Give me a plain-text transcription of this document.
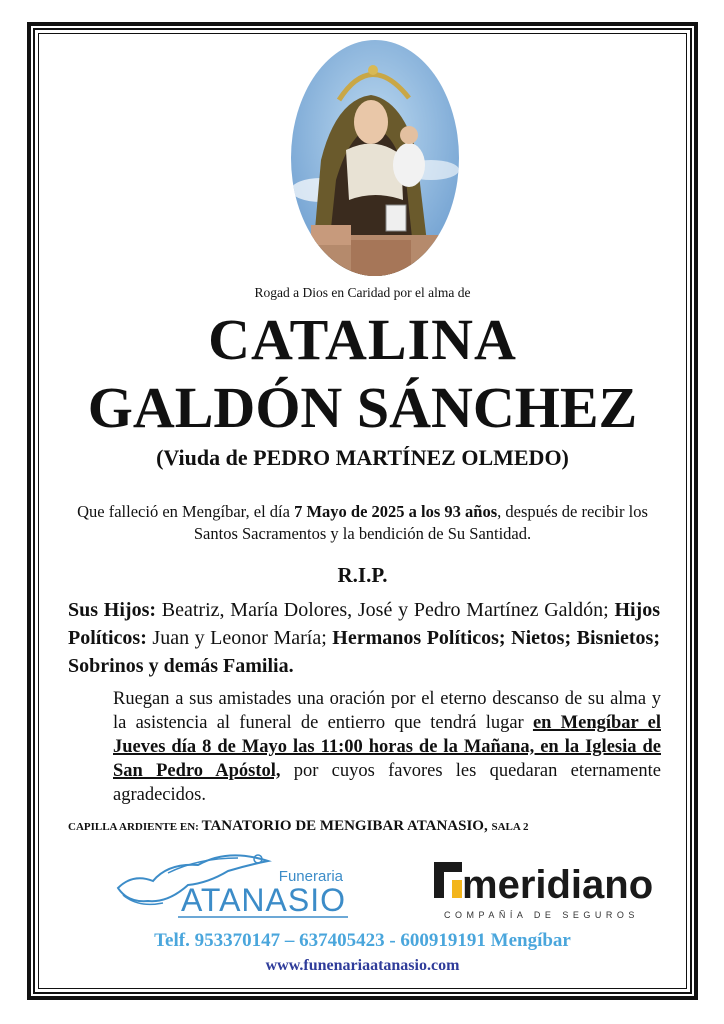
Rogad a Dios en Caridad por el alma de
CATALINA
GALDÓN SÁNCHEZ
(Viuda de PEDRO MARTÍNEZ OLMEDO)
Que falleció en Mengíbar, el día 7 Mayo de 2025 a los 93 años, después de recibir los Santos Sacramentos y la bendición de Su Santidad.
R.I.P.
Sus Hijos: Beatriz, María Dolores, José y Pedro Martínez Galdón; Hijos Políticos: Juan y Leonor María; Hermanos Políticos; Nietos; Bisnietos; Sobrinos y demás Familia.
Ruegan a sus amistades una oración por el eterno descanso de su alma y la asistencia al funeral de entierro que tendrá lugar en Mengíbar el Jueves día 8 de Mayo las 11:00 horas de la Mañana, en la Iglesia de San Pedro Apóstol, por cuyos favores les quedaran eternamente agradecidos.
CAPILLA ARDIENTE EN: TANATORIO DE MENGIBAR ATANASIO, SALA 2
Funeraria
ATANASIO	meridiano
COMPAÑÍA DE SEGUROS
Telf. 953370147 – 637405423 - 600919191 Mengíbar
www.funenariaatanasio.com
